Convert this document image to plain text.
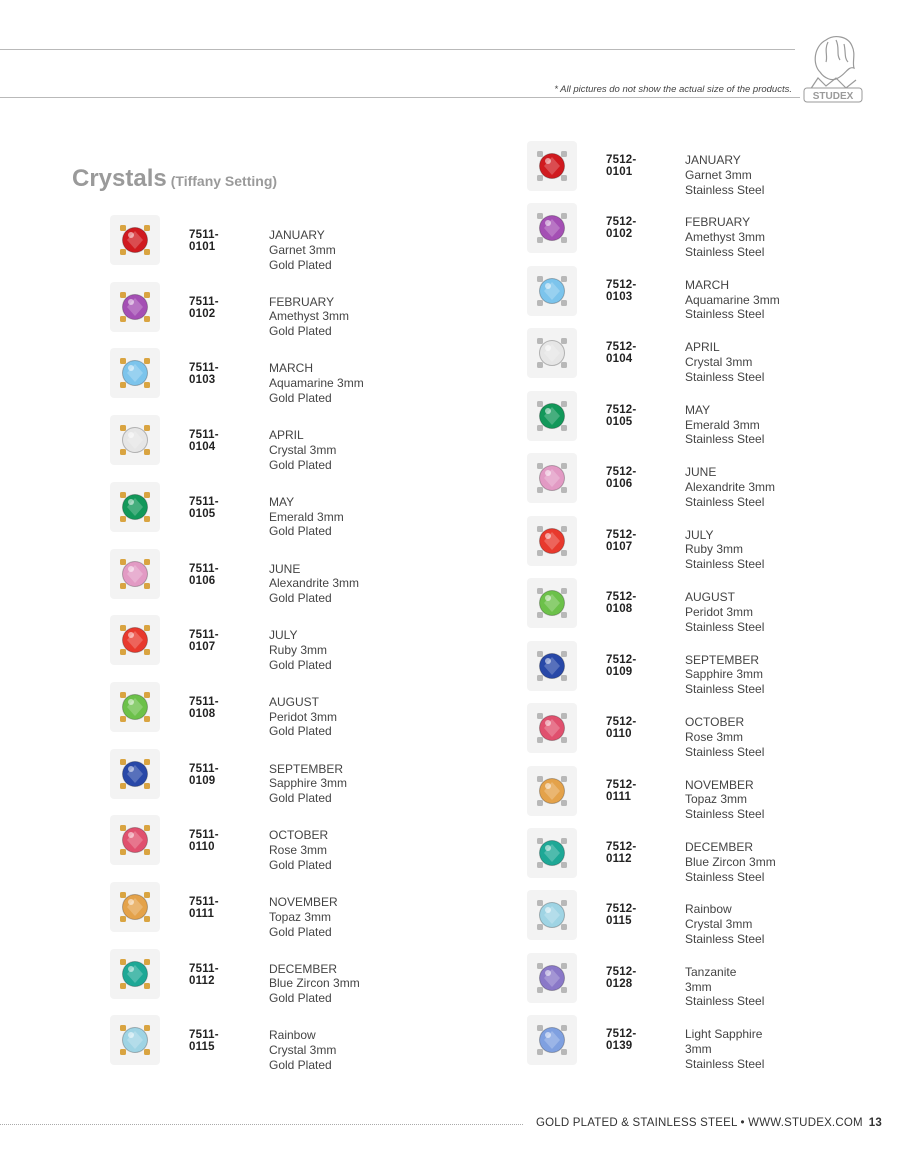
* All pictures do not show the actual size of the products.
STUDEX
Crystals (Tiffany Setting)
7511-0101
JANUARY
Garnet 3mm
Gold Plated
7511-0102
FEBRUARY
Amethyst 3mm
Gold Plated
7511-0103
MARCH
Aquamarine 3mm
Gold Plated
7511-0104
APRIL
Crystal 3mm
Gold Plated
7511-0105
MAY
Emerald 3mm
Gold Plated
7511-0106
JUNE
Alexandrite 3mm
Gold Plated
7511-0107
JULY
Ruby 3mm
Gold Plated
7511-0108
AUGUST
Peridot 3mm
Gold Plated
7511-0109
SEPTEMBER
Sapphire 3mm
Gold Plated
7511-0110
OCTOBER
Rose 3mm
Gold Plated
7511-0111
NOVEMBER
Topaz 3mm
Gold Plated
7511-0112
DECEMBER
Blue Zircon 3mm
Gold Plated
7511-0115
Rainbow
Crystal 3mm
Gold Plated
7512-0101
JANUARY
Garnet 3mm
Stainless Steel
7512-0102
FEBRUARY
Amethyst 3mm
Stainless Steel
7512-0103
MARCH
Aquamarine 3mm
Stainless Steel
7512-0104
APRIL
Crystal 3mm
Stainless Steel
7512-0105
MAY
Emerald 3mm
Stainless Steel
7512-0106
JUNE
Alexandrite 3mm
Stainless Steel
7512-0107
JULY
Ruby 3mm
Stainless Steel
7512-0108
AUGUST
Peridot 3mm
Stainless Steel
7512-0109
SEPTEMBER
Sapphire 3mm
Stainless Steel
7512-0110
OCTOBER
Rose 3mm
Stainless Steel
7512-0111
NOVEMBER
Topaz 3mm
Stainless Steel
7512-0112
DECEMBER
Blue Zircon 3mm
Stainless Steel
7512-0115
Rainbow
Crystal 3mm
Stainless Steel
7512-0128
Tanzanite
3mm
Stainless Steel
7512-0139
Light Sapphire
3mm
Stainless Steel
GOLD PLATED & STAINLESS STEEL • WWW.STUDEX.COM 13
